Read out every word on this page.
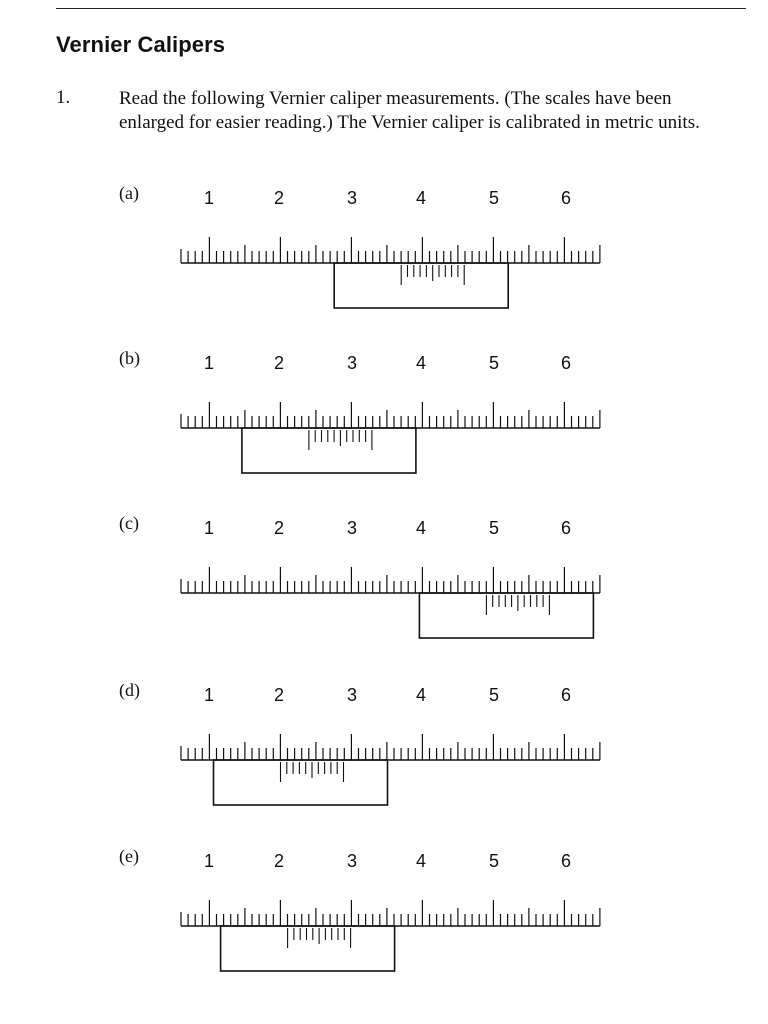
Vernier Calipers
1.	Read the following Vernier caliper measurements. (The scales have been enlarged for easier reading.) The Vernier caliper is calibrated in metric units.

(a)	1	2	3	4	5	6
(b)	1	2	3	4	5	6
(c)	1	2	3	4	5	6
(d)	1	2	3	4	5	6
(e)	1	2	3	4	5	6
